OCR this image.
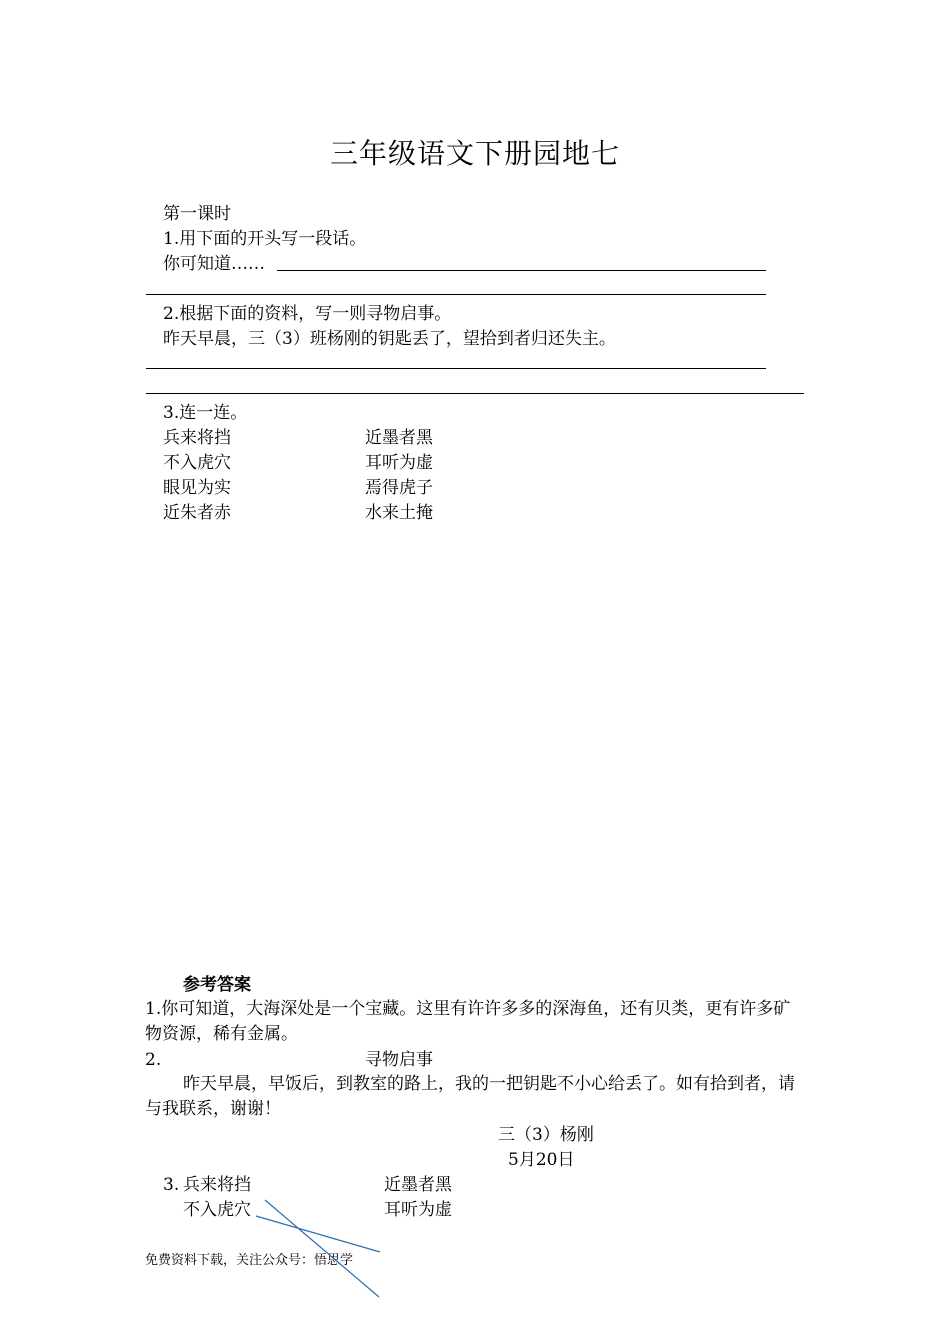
三年级语文下册园地七
第一课时
1.用下面的开头写一段话。
你可知道……
2.根据下面的资料，写一则寻物启事。
昨天早晨，三（3）班杨刚的钥匙丢了，望拾到者归还失主。
3.连一连。
兵来将挡
不入虎穴
眼见为实
近朱者赤
近墨者黑
耳听为虚
焉得虎子
水来土掩
参考答案
1.你可知道，大海深处是一个宝藏。这里有许许多多的深海鱼，还有贝类，更有许多矿物资源，稀有金属。
2.	寻物启事
昨天早晨，早饭后，到教室的路上，我的一把钥匙不小心给丢了。如有拾到者，请与我联系，谢谢！
三（3）杨刚
5月20日
3. 兵来将挡
不入虎穴
近墨者黑
耳听为虚
免费资料下载，关注公众号：悟思学
